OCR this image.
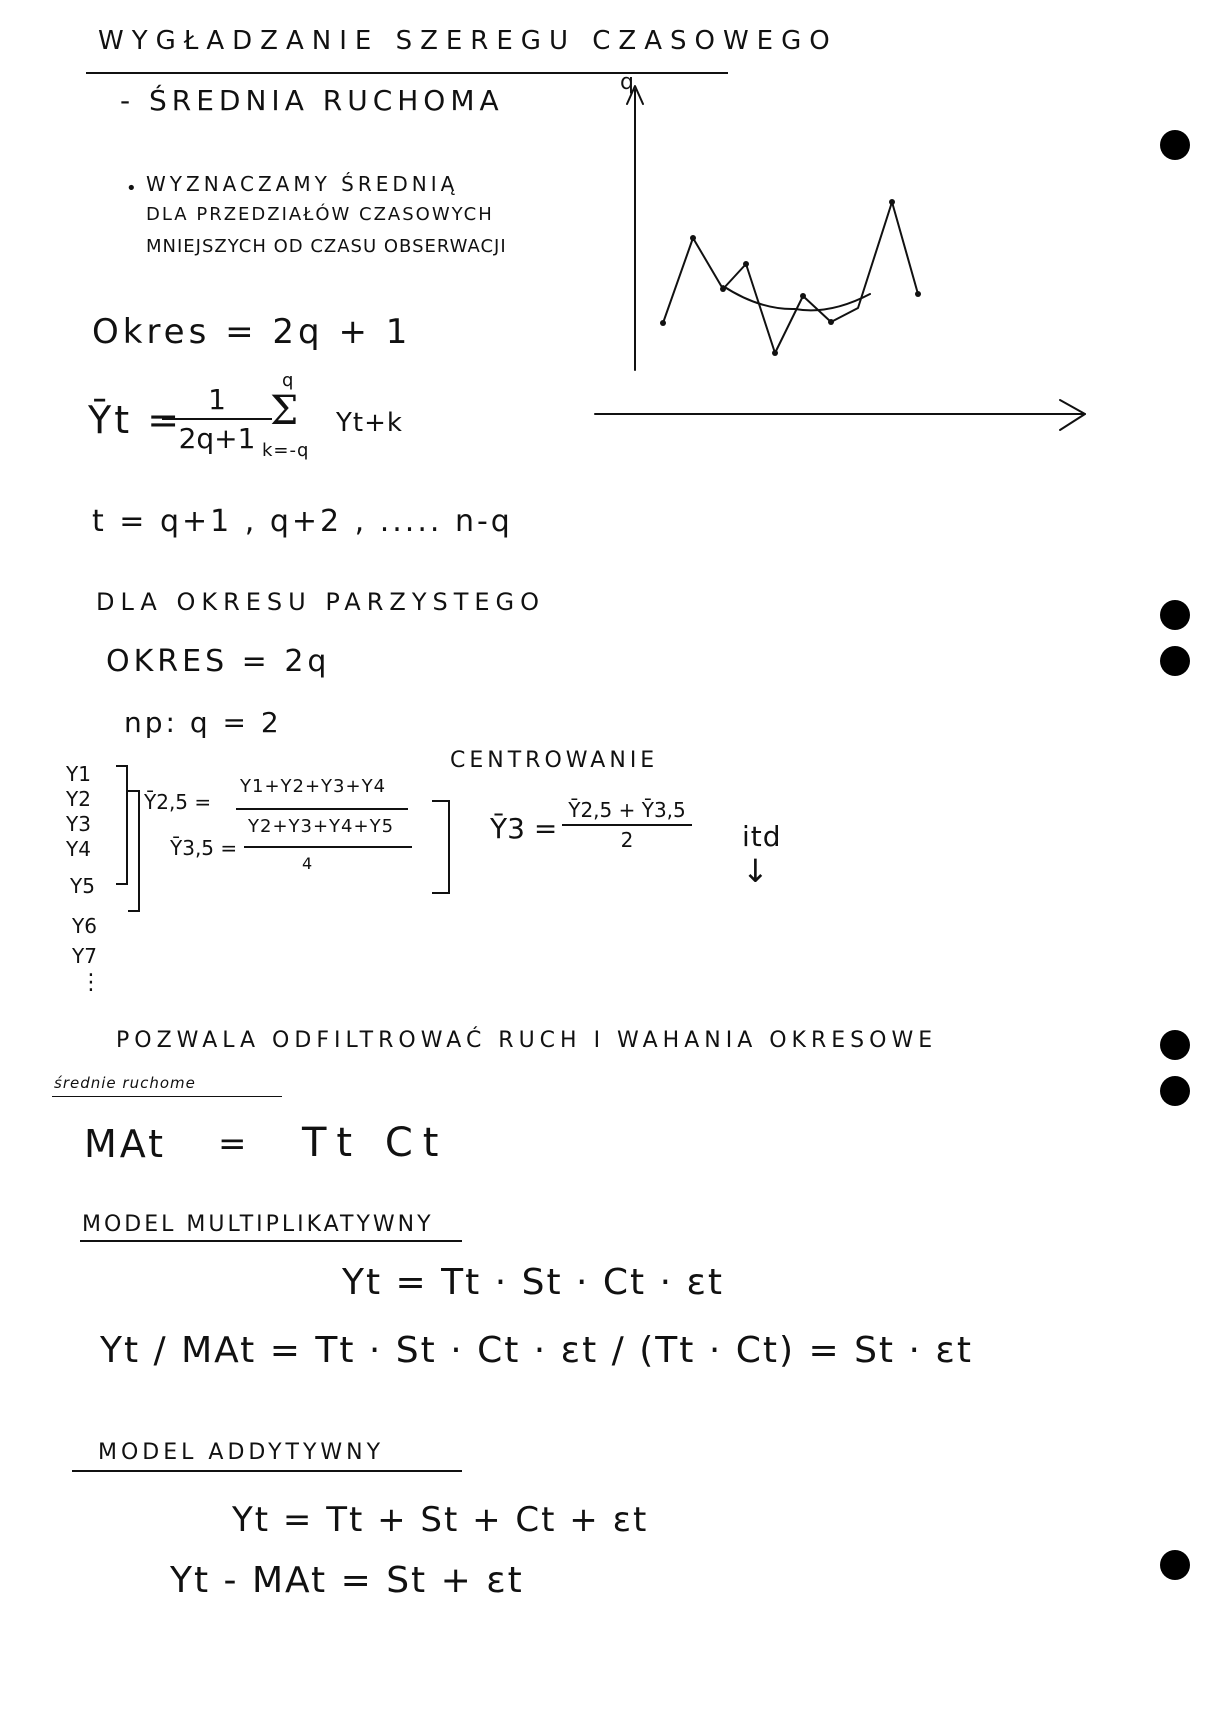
WYGŁADZANIE SZEREGU CZASOWEGO
- ŚREDNIA RUCHOMA
• WYZNACZAMY ŚREDNIĄ
DLA PRZEDZIAŁÓW CZASOWYCH
MNIEJSZYCH OD CZASU OBSERWACJI
q
Okres = 2q + 1
Ȳt = 1
2q+1
q
Σ
k=-q
Yt+k
t = q+1 , q+2 , ..... n-q
DLA OKRESU PARZYSTEGO
OKRES = 2q
np: q = 2
CENTROWANIE
Y1
Y2
Y3
Y4
Y5
Y6
Y7
⋮
Ȳ2,5 =
Y1+Y2+Y3+Y4
Ȳ3,5 =
Y2+Y3+Y4+Y5
4
Ȳ3 =
Ȳ2,5 + Ȳ3,5
2	itd
↓
POZWALA ODFILTROWAĆ RUCH I WAHANIA OKRESOWE
średnie ruchome
MAt = Tt Ct
MODEL MULTIPLIKATYWNY
Yt = Tt · St · Ct · εt
Yt / MAt = Tt · St · Ct · εt / (Tt · Ct) = St · εt
MODEL ADDYTYWNY
Yt = Tt + St + Ct + εt
Yt - MAt = St + εt
